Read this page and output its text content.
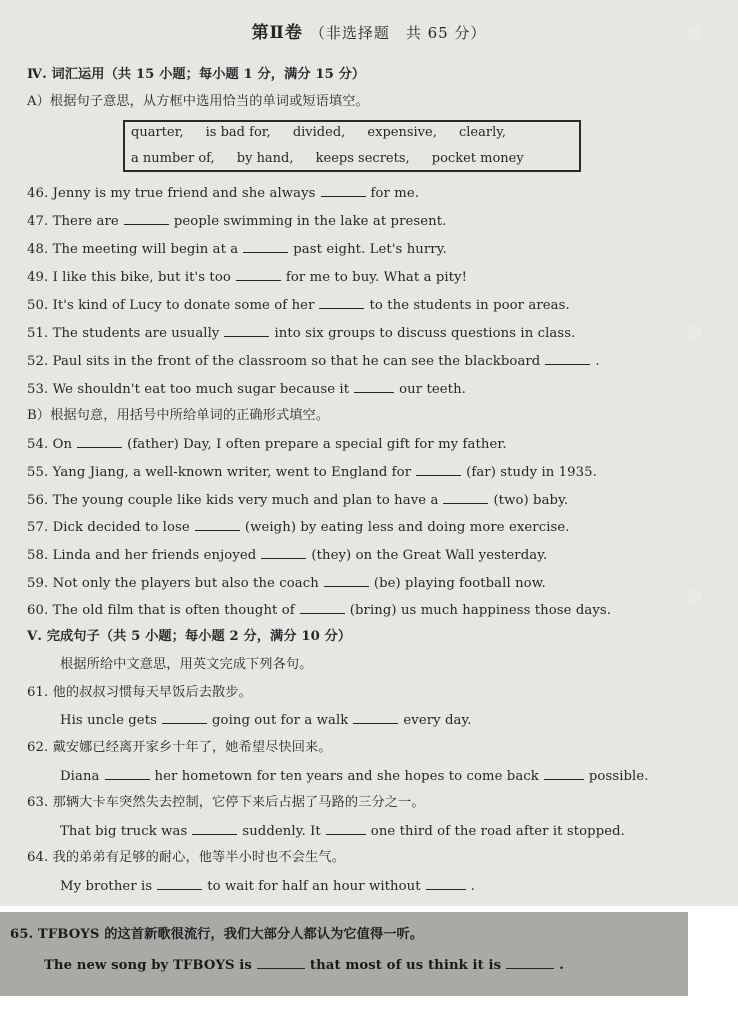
第Ⅱ卷 （非选择题　共 65 分）
Ⅳ. 词汇运用（共 15 小题；每小题 1 分，满分 15 分）
A）根据句子意思，从方框中选用恰当的单词或短语填空。
quarter, is bad for, divided, expensive, clearly,
a number of, by hand, keeps secrets, pocket money
46. Jenny is my true friend and she always	for me.
47. There are	people swimming in the lake at present.
48. The meeting will begin at a	past eight. Let's hurry.
49. I like this bike, but it's too	for me to buy. What a pity!
50. It's kind of Lucy to donate some of her	to the students in poor areas.
51. The students are usually	into six groups to discuss questions in class.
52. Paul sits in the front of the classroom so that he can see the blackboard	.
53. We shouldn't eat too much sugar because it	our teeth.
B）根据句意，用括号中所给单词的正确形式填空。
54. On	(father) Day, I often prepare a special gift for my father.
55. Yang Jiang, a well-known writer, went to England for	(far) study in 1935.
56. The young couple like kids very much and plan to have a	(two) baby.
57. Dick decided to lose	(weigh) by eating less and doing more exercise.
58. Linda and her friends enjoyed	(they) on the Great Wall yesterday.
59. Not only the players but also the coach	(be) playing football now.
60. The old film that is often thought of	(bring) us much happiness those days.
Ⅴ. 完成句子（共 5 小题；每小题 2 分，满分 10 分）
根据所给中文意思，用英文完成下列各句。
61. 他的叔叔习惯每天早饭后去散步。
His uncle gets	going out for a walk	every day.
62. 戴安娜已经离开家乡十年了，她希望尽快回来。
Diana	her hometown for ten years and she hopes to come back	possible.
63. 那辆大卡车突然失去控制，它停下来后占据了马路的三分之一。
That big truck was	suddenly. It	one third of the road after it stopped.
64. 我的弟弟有足够的耐心，他等半小时也不会生气。
My brother is	to wait for half an hour without	.
◎
◎
◎
65. TFBOYS 的这首新歌很流行，我们大部分人都认为它值得一听。
The new song by TFBOYS is	that most of us think it is	.
